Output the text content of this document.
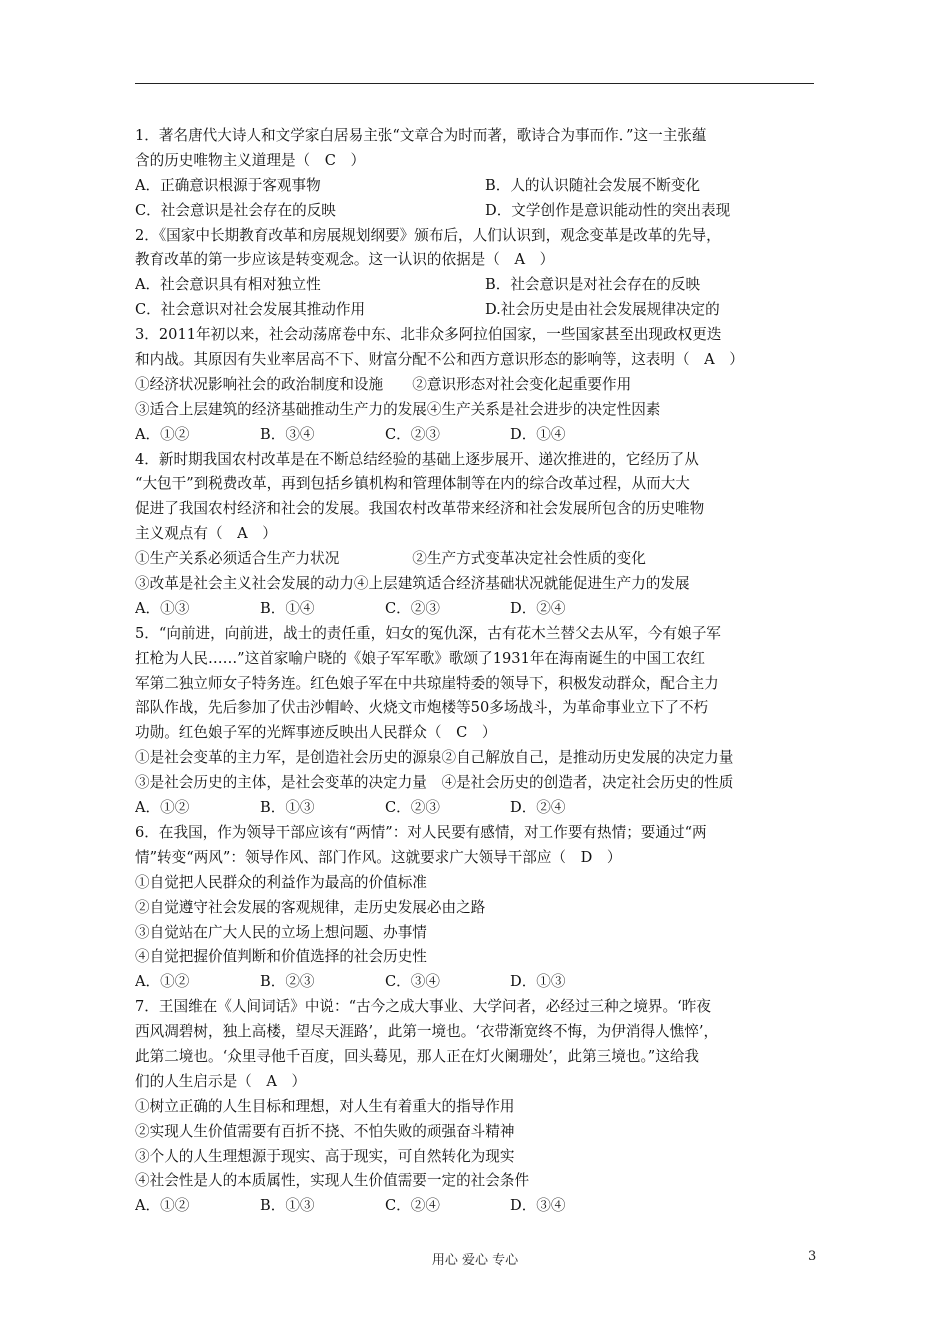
1．著名唐代大诗人和文学家白居易主张“文章合为时而著，歌诗合为事而作．”这一主张蕴
含的历史唯物主义道理是（　C　）
A．正确意识根源于客观事物	B．人的认识随社会发展不断变化
C．社会意识是社会存在的反映	D．文学创作是意识能动性的突出表现
2．《国家中长期教育改革和房展规划纲要》颁布后，人们认识到，观念变革是改革的先导，
教育改革的第一步应该是转变观念。这一认识的依据是（　A　）
A．社会意识具有相对独立性	B．社会意识是对社会存在的反映
C．社会意识对社会发展其推动作用	D.社会历史是由社会发展规律决定的
3．2011年初以来，社会动荡席卷中东、北非众多阿拉伯国家，一些国家甚至出现政权更迭
和内战。其原因有失业率居高不下、财富分配不公和西方意识形态的影响等，这表明（　A　）
①经济状况影响社会的政治制度和设施　　②意识形态对社会变化起重要作用
③适合上层建筑的经济基础推动生产力的发展④生产关系是社会进步的决定性因素
A．①②	B．③④	C．②③	D．①④
4．新时期我国农村改革是在不断总结经验的基础上逐步展开、递次推进的，它经历了从
“大包干”到税费改革，再到包括乡镇机构和管理体制等在内的综合改革过程，从而大大
促进了我国农村经济和社会的发展。我国农村改革带来经济和社会发展所包含的历史唯物
主义观点有（　A　）
①生产关系必须适合生产力状况　　　　　②生产方式变革决定社会性质的变化
③改革是社会主义社会发展的动力④上层建筑适合经济基础状况就能促进生产力的发展
A．①③	B．①④	C．②③	D．②④
5．“向前进，向前进，战士的责任重，妇女的冤仇深，古有花木兰替父去从军，今有娘子军
扛枪为人民……”这首家喻户晓的《娘子军军歌》歌颂了1931年在海南诞生的中国工农红
军第二独立师女子特务连。红色娘子军在中共琼崖特委的领导下，积极发动群众，配合主力
部队作战，先后参加了伏击沙帽岭、火烧文市炮楼等50多场战斗，为革命事业立下了不朽
功勋。红色娘子军的光辉事迹反映出人民群众（　C　）
①是社会变革的主力军，是创造社会历史的源泉②自己解放自己，是推动历史发展的决定力量
③是社会历史的主体，是社会变革的决定力量　④是社会历史的创造者，决定社会历史的性质
A．①②	B．①③	C．②③	D．②④
6．在我国，作为领导干部应该有“两情”：对人民要有感情，对工作要有热情；要通过“两
情”转变“两风”：领导作风、部门作风。这就要求广大领导干部应（　D　）
①自觉把人民群众的利益作为最高的价值标准
②自觉遵守社会发展的客观规律，走历史发展必由之路
③自觉站在广大人民的立场上想问题、办事情
④自觉把握价值判断和价值选择的社会历史性
A．①②	B．②③	C．③④	D．①③
7．王国维在《人间词话》中说：“古今之成大事业、大学问者，必经过三种之境界。‘昨夜
西风凋碧树，独上高楼，望尽天涯路’，此第一境也。‘衣带渐宽终不悔，为伊消得人憔悴’，
此第二境也。‘众里寻他千百度，回头蓦见，那人正在灯火阑珊处’，此第三境也。”这给我
们的人生启示是（　A　）
①树立正确的人生目标和理想，对人生有着重大的指导作用
②实现人生价值需要有百折不挠、不怕失败的顽强奋斗精神
③个人的人生理想源于现实、高于现实，可自然转化为现实
④社会性是人的本质属性，实现人生价值需要一定的社会条件
A．①②	B．①③	C．②④	D．③④
用心 爱心 专心	3
